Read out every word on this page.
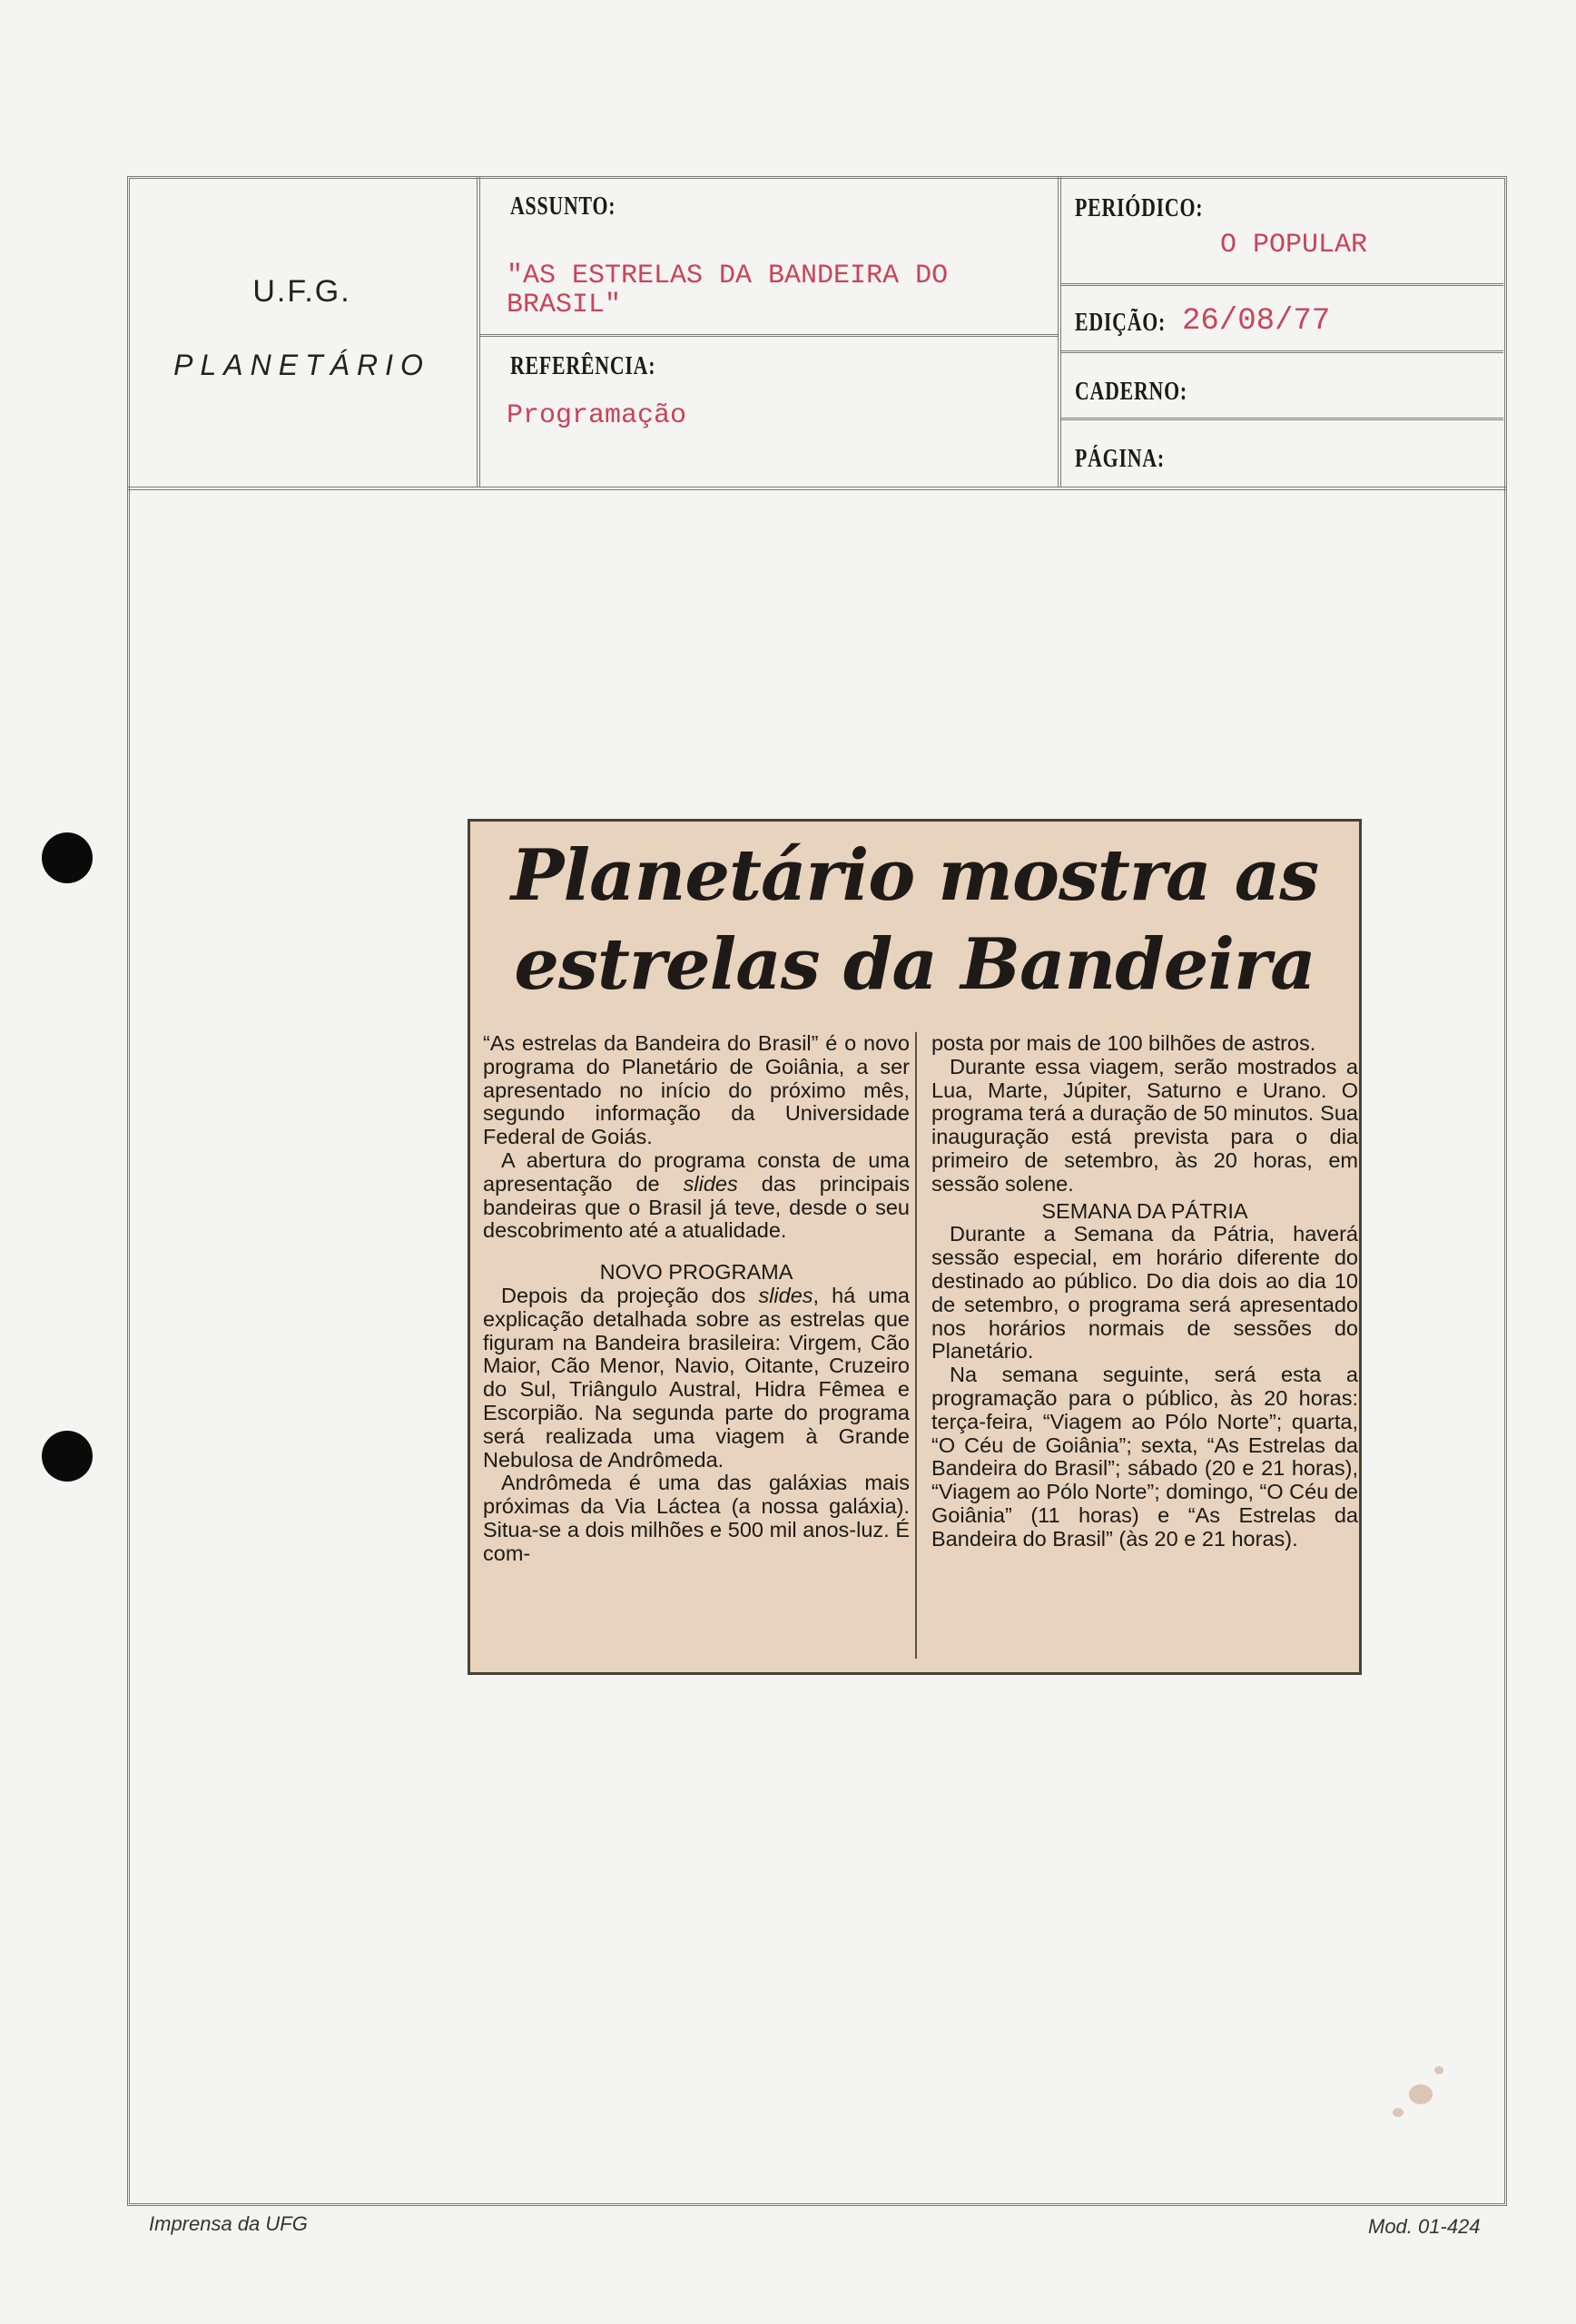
U.F.G.
PLANETÁRIO
ASSUNTO:
"AS ESTRELAS DA BANDEIRA DO
BRASIL"
REFERÊNCIA:
Programação
PERIÓDICO:
O POPULAR
EDIÇÃO: 26/08/77
CADERNO:
PÁGINA:
Planetário mostra as
estrelas da Bandeira

“As estrelas da Bandeira do Brasil” é o novo programa do Planetário de Goiânia, a ser apresentado no início do próximo mês, segundo informação da Universidade Federal de Goiás.

A abertura do programa consta de uma apresentação de slides das principais bandeiras que o Brasil já teve, desde o seu descobrimento até a atualidade.

NOVO PROGRAMA

Depois da projeção dos slides, há uma explicação detalhada sobre as estrelas que figuram na Bandeira brasileira: Virgem, Cão Maior, Cão Menor, Navio, Oitante, Cruzeiro do Sul, Triângulo Austral, Hidra Fêmea e Escorpião. Na segunda parte do programa será realizada uma viagem à Grande Nebulosa de Andrômeda.

Andrômeda é uma das galáxias mais próximas da Via Láctea (a nossa galáxia). Situa-se a dois milhões e 500 mil anos-luz. É com-

posta por mais de 100 bilhões de astros.

Durante essa viagem, serão mostrados a Lua, Marte, Júpiter, Saturno e Urano. O programa terá a duração de 50 minutos. Sua inauguração está prevista para o dia primeiro de setembro, às 20 horas, em sessão solene.

SEMANA DA PÁTRIA

Durante a Semana da Pátria, haverá sessão especial, em horário diferente do destinado ao público. Do dia dois ao dia 10 de setembro, o programa será apresentado nos horários normais de sessões do Planetário.

Na semana seguinte, será esta a programação para o público, às 20 horas: terça-feira, “Viagem ao Pólo Norte”; quarta, “O Céu de Goiânia”; sexta, “As Estrelas da Bandeira do Brasil”; sábado (20 e 21 horas), “Viagem ao Pólo Norte”; domingo, “O Céu de Goiânia” (11 horas) e “As Estrelas da Bandeira do Brasil” (às 20 e 21 horas).

Imprensa da UFG	Mod. 01-424
